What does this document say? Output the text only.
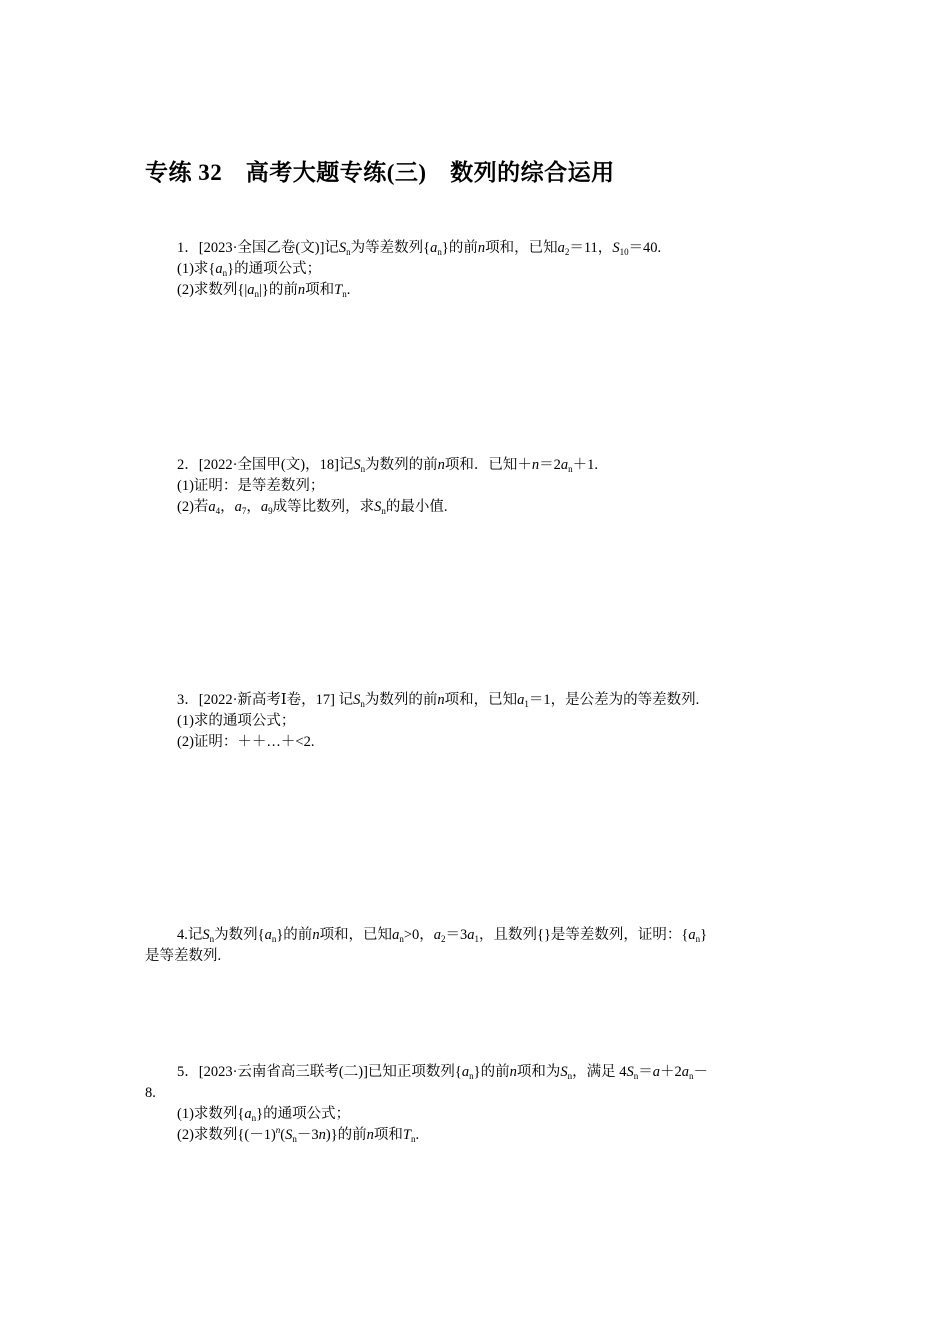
专练 32　高考大题专练(三)　数列的综合运用
1．[2023·全国乙卷(文)]记$S_n$为等差数列$\{a_n\}$的前n项和，已知$a_2=11$，$S_{10}=40$.
(1)求$\{a_n\}$的通项公式；
(2)求数列$\{|a_n|\}$的前n项和$T_n$.
2．[2022·全国甲(文)，18]记$S_n$为数列的前n项和．已知$+n=2a_n+1$.
(1)证明：是等差数列；
(2)若$a_4$，$a_7$，$a_9$成等比数列，求$S_n$的最小值.
3．[2022·新高考Ⅰ卷，17] 记$S_n$为数列的前n项和，已知$a_1=1$，是公差为的等差数列.
(1)求的通项公式；
(2)证明：＋＋…＋<2.
4.记$S_n$为数列$\{a_n\}$的前n项和，已知$a_n>0$，$a_2=3a_1$，且数列{}是等差数列，证明：$\{a_n\}$
是等差数列.
5．[2023·云南省高三联考(二)]已知正项数列$\{a_n\}$的前n项和为$S_n$，满足 $4S_n=a+2a_n-$
8.
(1)求数列$\{a_n\}$的通项公式；
(2)求数列$\{(-1)^n(S_n-3n)\}$的前n项和$T_n$.
